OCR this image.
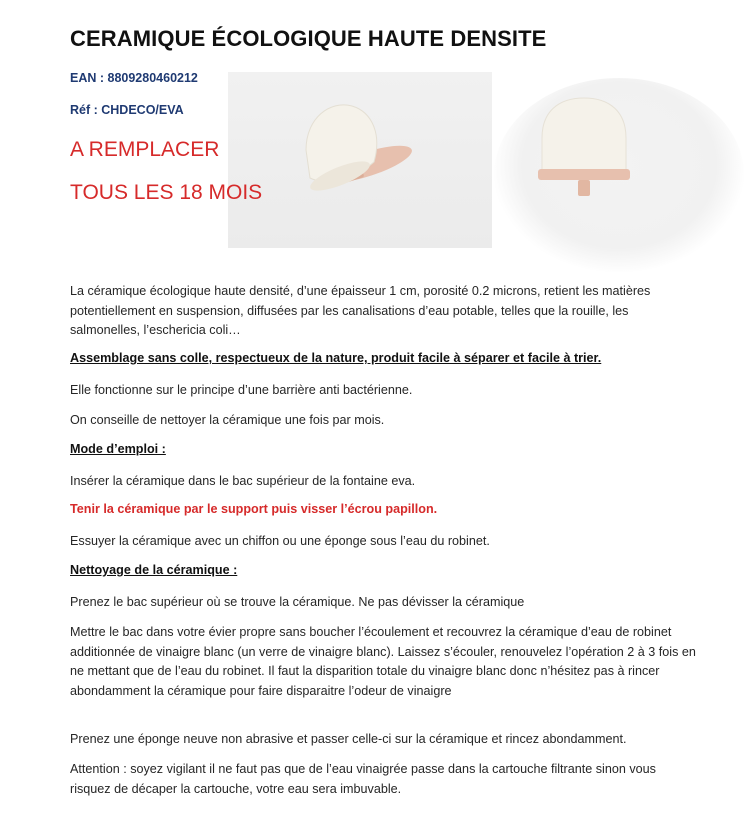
CERAMIQUE ÉCOLOGIQUE HAUTE DENSITE
EAN : 8809280460212
Réf : CHDECO/EVA
A REMPLACER
TOUS LES 18 MOIS
La céramique écologique haute densité, d’une épaisseur 1 cm, porosité 0.2 microns, retient les matières potentiellement en suspension, diffusées par les canalisations d’eau potable, telles que la rouille, les salmonelles, l’eschericia coli…
Assemblage sans colle, respectueux de la nature, produit facile à séparer et facile à trier.
Elle fonctionne sur le principe d’une barrière anti bactérienne.
On conseille de nettoyer la céramique une fois par mois.
Mode d’emploi :
Insérer la céramique dans le bac supérieur de la fontaine eva.
Tenir la céramique par le support puis visser l’écrou papillon.
Essuyer la céramique avec un chiffon ou une éponge sous l’eau du robinet.
Nettoyage de la céramique :
Prenez le bac supérieur où se trouve la céramique. Ne pas dévisser la céramique
Mettre le bac dans votre évier propre sans boucher l’écoulement et recouvrez la céramique d’eau de robinet additionnée de vinaigre blanc (un verre de vinaigre blanc). Laissez s’écouler, renouvelez l’opération 2 à 3 fois en ne mettant que de l’eau du robinet. Il faut la disparition totale du vinaigre blanc donc n’hésitez pas à rincer abondamment la céramique pour faire disparaitre l’odeur de vinaigre
Prenez une éponge neuve non abrasive et passer celle-ci sur la céramique et rincez abondamment.
Attention : soyez vigilant il ne faut pas que de l’eau vinaigrée passe dans la cartouche filtrante sinon vous risquez de décaper la cartouche, votre eau sera imbuvable.
